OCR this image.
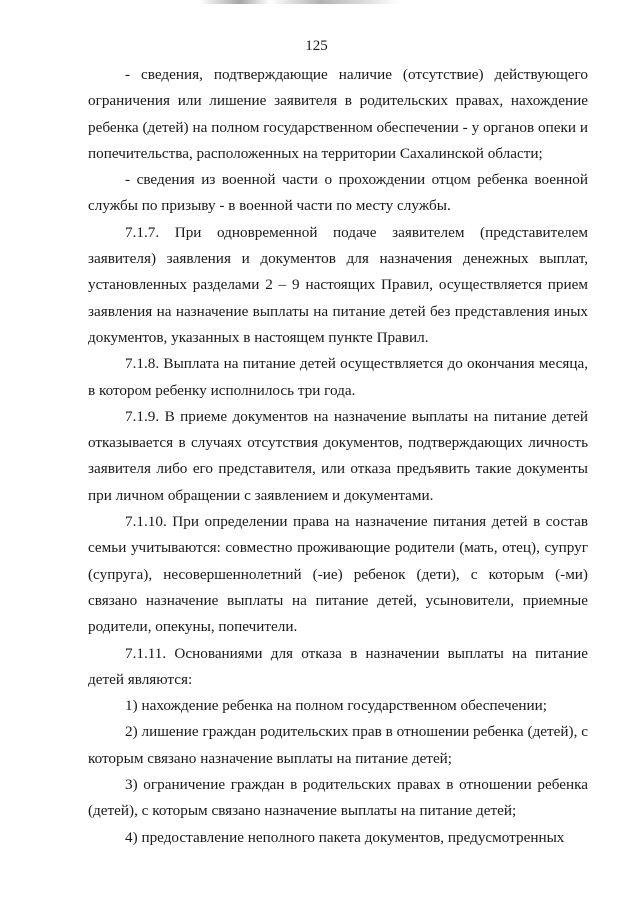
125

- сведения, подтверждающие наличие (отсутствие) действующего ограничения или лишение заявителя в родительских правах, нахождение ребенка (детей) на полном государственном обеспечении - у органов опеки и попечительства, расположенных на территории Сахалинской области;

- сведения из военной части о прохождении отцом ребенка военной службы по призыву - в военной части по месту службы.

7.1.7. При одновременной подаче заявителем (представителем заявителя) заявления и документов для назначения денежных выплат, установленных разделами 2 – 9 настоящих Правил, осуществляется прием заявления на назначение выплаты на питание детей без представления иных документов, указанных в настоящем пункте Правил.

7.1.8. Выплата на питание детей осуществляется до окончания месяца, в котором ребенку исполнилось три года.

7.1.9. В приеме документов на назначение выплаты на питание детей отказывается в случаях отсутствия документов, подтверждающих личность заявителя либо его представителя, или отказа предъявить такие документы при личном обращении с заявлением и документами.

7.1.10. При определении права на назначение питания детей в состав семьи учитываются: совместно проживающие родители (мать, отец), супруг (супруга), несовершеннолетний (-ие) ребенок (дети), с которым (-ми) связано назначение выплаты на питание детей, усыновители, приемные родители, опекуны, попечители.

7.1.11. Основаниями для отказа в назначении выплаты на питание детей являются:

1) нахождение ребенка на полном государственном обеспечении;

2) лишение граждан родительских прав в отношении ребенка (детей), с которым связано назначение выплаты на питание детей;

3) ограничение граждан в родительских правах в отношении ребенка (детей), с которым связано назначение выплаты на питание детей;

4) предоставление неполного пакета документов, предусмотренных
